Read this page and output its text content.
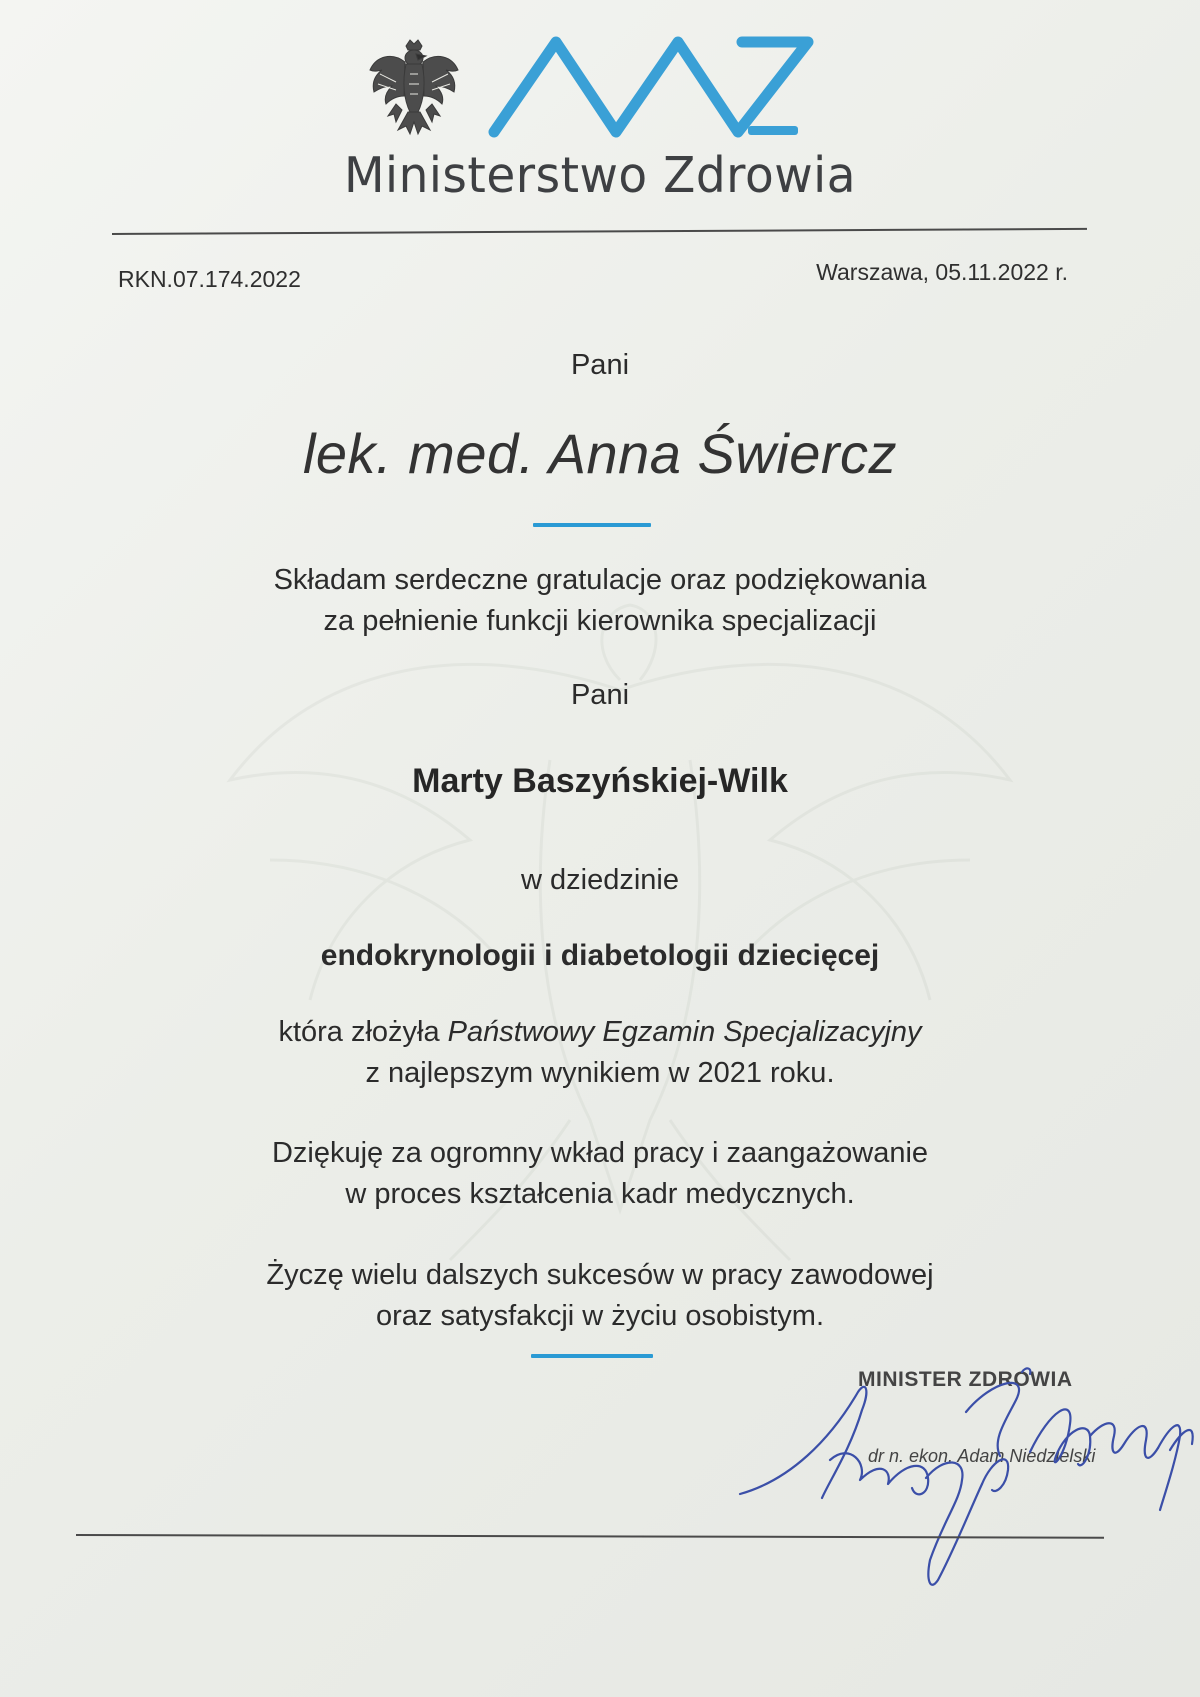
Ministerstwo Zdrowia
RKN.07.174.2022	Warszawa, 05.11.2022 r.
Pani
lek. med. Anna Świercz
Składam serdeczne gratulacje oraz podziękowania
za pełnienie funkcji kierownika specjalizacji
Pani
Marty Baszyńskiej-Wilk
w dziedzinie
endokrynologii i diabetologii dziecięcej
która złożyła Państwowy Egzamin Specjalizacyjny
z najlepszym wynikiem w 2021 roku.
Dziękuję za ogromny wkład pracy i zaangażowanie
w proces kształcenia kadr medycznych.
Życzę wielu dalszych sukcesów w pracy zawodowej
oraz satysfakcji w życiu osobistym.
MINISTER ZDROWIA
dr n. ekon. Adam Niedzielski
